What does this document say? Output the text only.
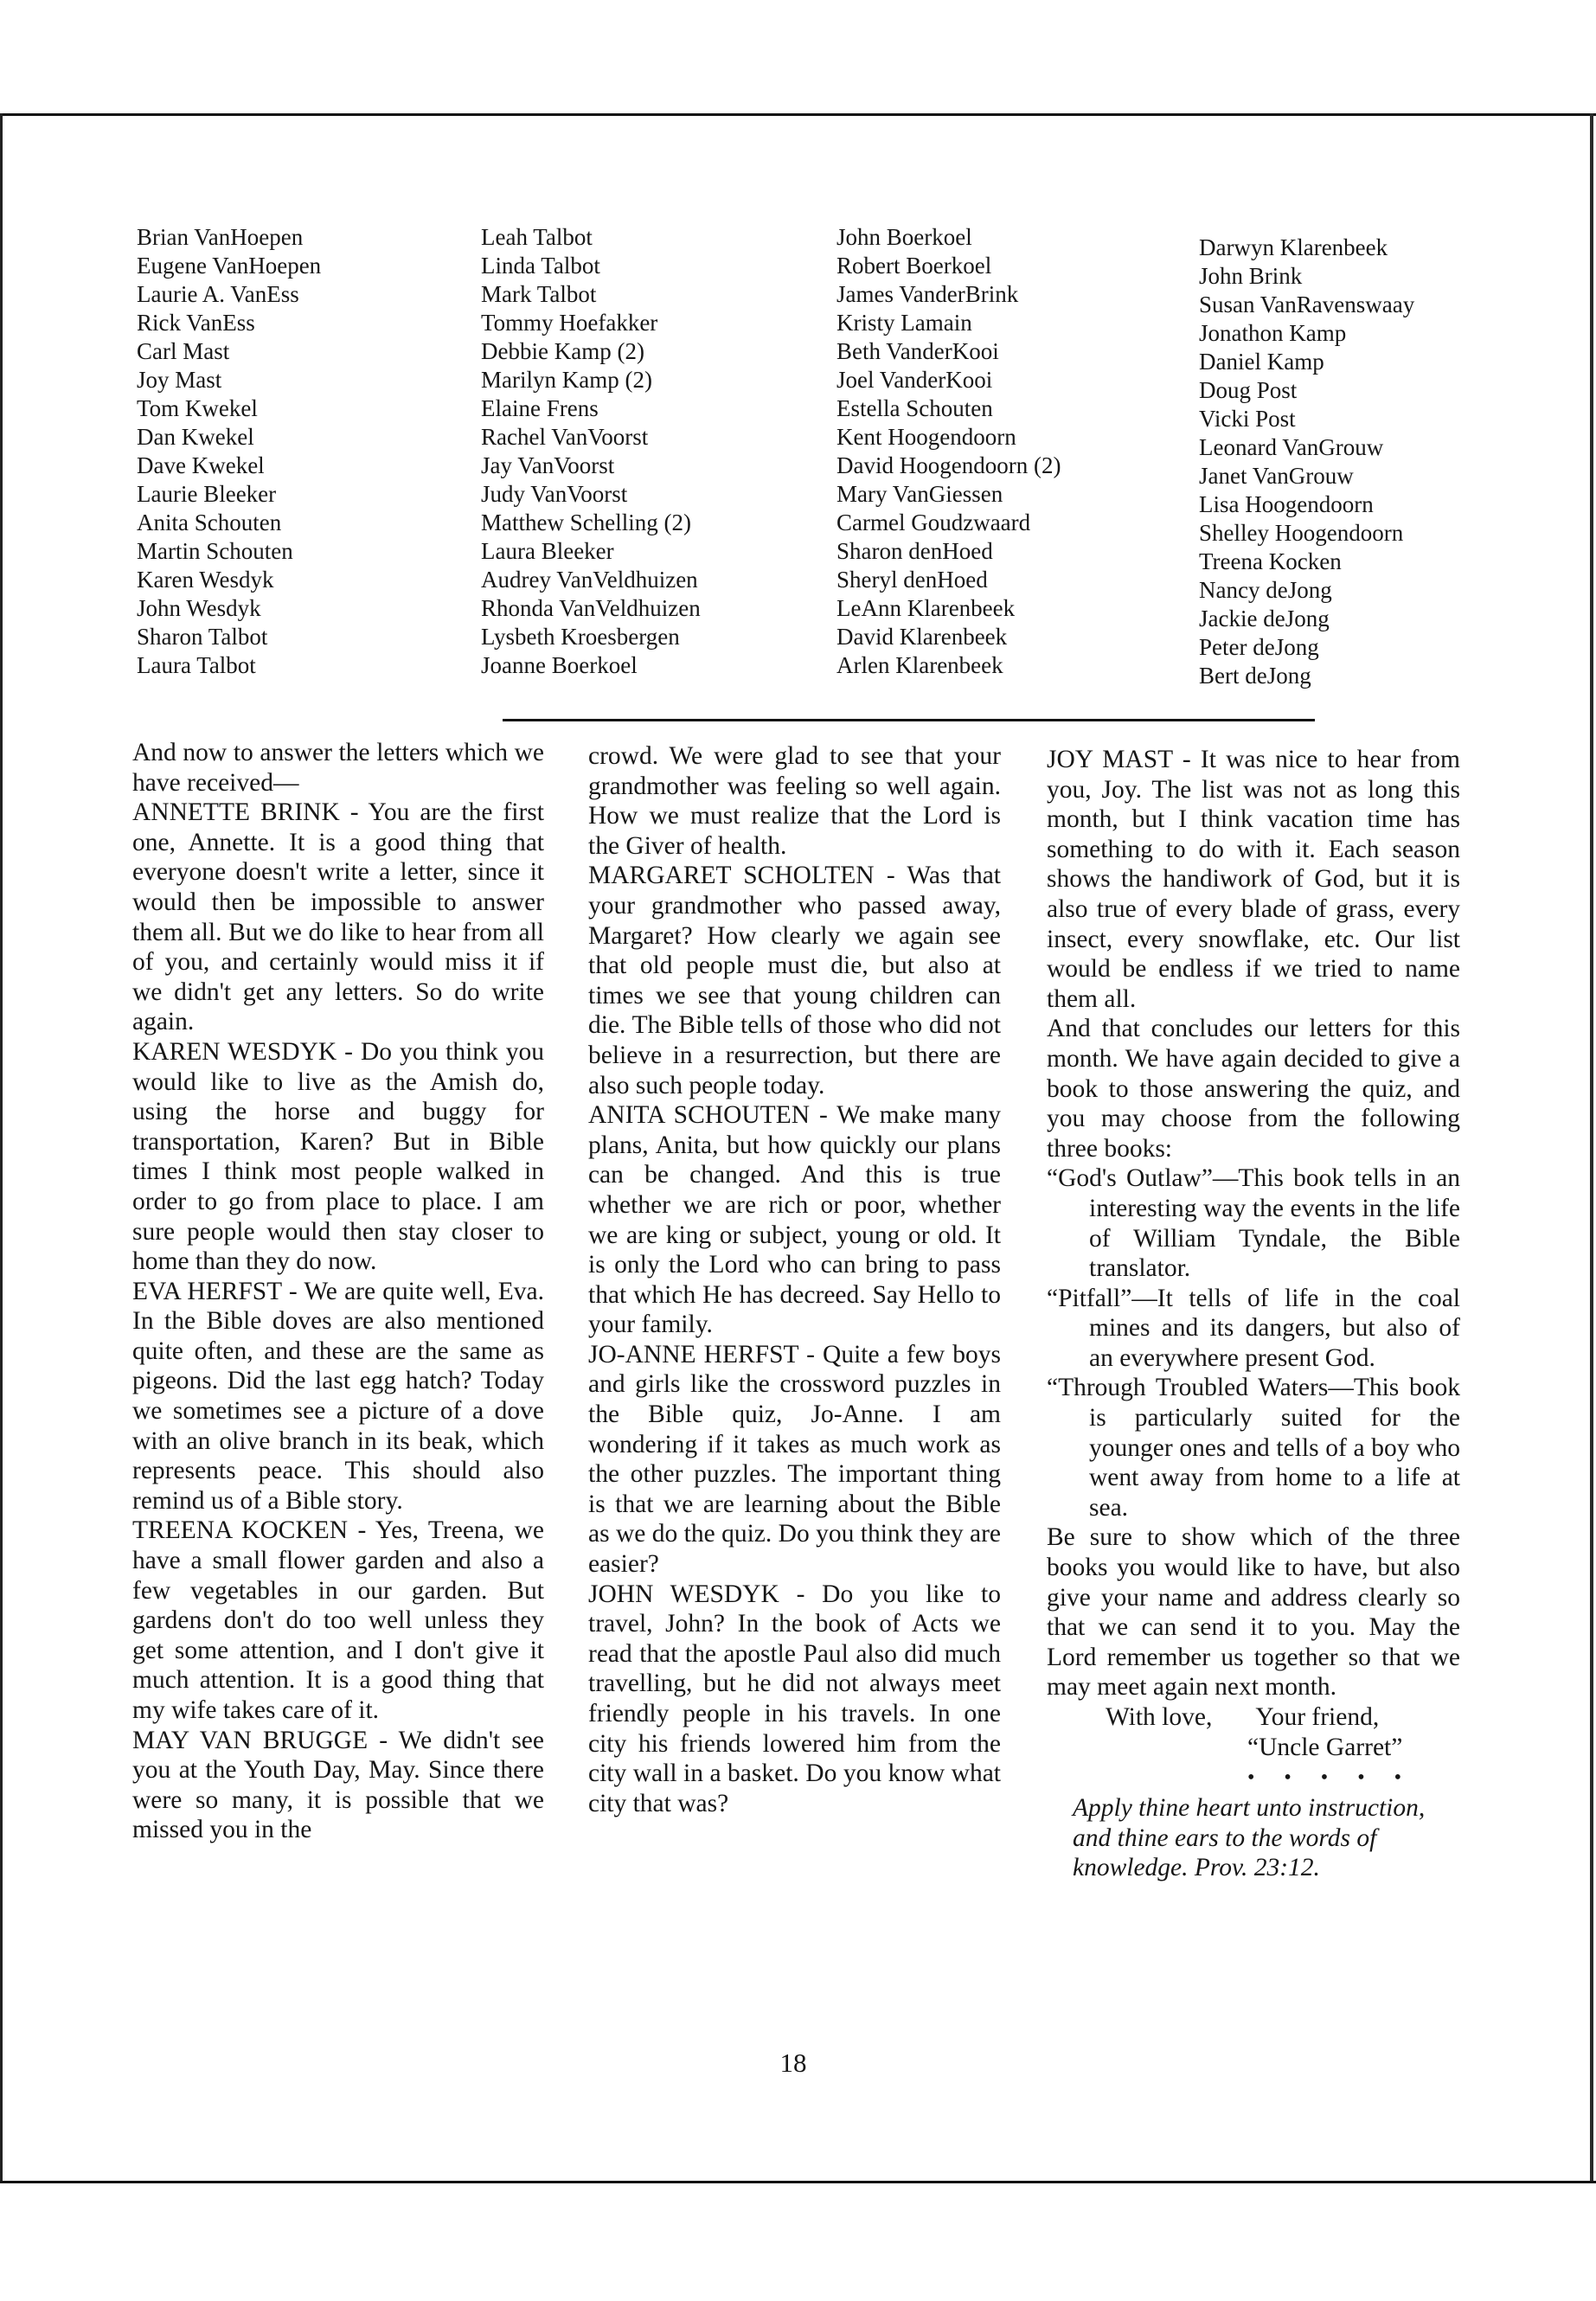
Brian VanHoepen
Eugene VanHoepen
Laurie A. VanEss
Rick VanEss
Carl Mast
Joy Mast
Tom Kwekel
Dan Kwekel
Dave Kwekel
Laurie Bleeker
Anita Schouten
Martin Schouten
Karen Wesdyk
John Wesdyk
Sharon Talbot
Laura Talbot
Leah Talbot
Linda Talbot
Mark Talbot
Tommy Hoefakker
Debbie Kamp (2)
Marilyn Kamp (2)
Elaine Frens
Rachel VanVoorst
Jay VanVoorst
Judy VanVoorst
Matthew Schelling (2)
Laura Bleeker
Audrey VanVeldhuizen
Rhonda VanVeldhuizen
Lysbeth Kroesbergen
Joanne Boerkoel
John Boerkoel
Robert Boerkoel
James VanderBrink
Kristy Lamain
Beth VanderKooi
Joel VanderKooi
Estella Schouten
Kent Hoogendoorn
David Hoogendoorn (2)
Mary VanGiessen
Carmel Goudzwaard
Sharon denHoed
Sheryl denHoed
LeAnn Klarenbeek
David Klarenbeek
Arlen Klarenbeek
Darwyn Klarenbeek
John Brink
Susan VanRavenswaay
Jonathon Kamp
Daniel Kamp
Doug Post
Vicki Post
Leonard VanGrouw
Janet VanGrouw
Lisa Hoogendoorn
Shelley Hoogendoorn
Treena Kocken
Nancy deJong
Jackie deJong
Peter deJong
Bert deJong

And now to answer the letters which we have received—

ANNETTE BRINK - You are the first one, Annette. It is a good thing that everyone doesn't write a letter, since it would then be impossible to answer them all. But we do like to hear from all of you, and certainly would miss it if we didn't get any letters. So do write again.

KAREN WESDYK - Do you think you would like to live as the Amish do, using the horse and buggy for transportation, Karen? But in Bible times I think most people walked in order to go from place to place. I am sure people would then stay closer to home than they do now.

EVA HERFST - We are quite well, Eva. In the Bible doves are also mentioned quite often, and these are the same as pigeons. Did the last egg hatch? Today we sometimes see a picture of a dove with an olive branch in its beak, which represents peace. This should also remind us of a Bible story.

TREENA KOCKEN - Yes, Treena, we have a small flower garden and also a few vegetables in our garden. But gardens don't do too well unless they get some attention, and I don't give it much attention. It is a good thing that my wife takes care of it.

MAY VAN BRUGGE - We didn't see you at the Youth Day, May. Since there were so many, it is possible that we missed you in the

crowd. We were glad to see that your grandmother was feeling so well again. How we must realize that the Lord is the Giver of health.

MARGARET SCHOLTEN - Was that your grandmother who passed away, Margaret? How clearly we again see that old people must die, but also at times we see that young children can die. The Bible tells of those who did not believe in a resurrection, but there are also such people today.

ANITA SCHOUTEN - We make many plans, Anita, but how quickly our plans can be changed. And this is true whether we are rich or poor, whether we are king or subject, young or old. It is only the Lord who can bring to pass that which He has decreed. Say Hello to your family.

JO-ANNE HERFST - Quite a few boys and girls like the crossword puzzles in the Bible quiz, Jo-Anne. I am wondering if it takes as much work as the other puzzles. The important thing is that we are learning about the Bible as we do the quiz. Do you think they are easier?

JOHN WESDYK - Do you like to travel, John? In the book of Acts we read that the apostle Paul also did much travelling, but he did not always meet friendly people in his travels. In one city his friends lowered him from the city wall in a basket. Do you know what city that was?

JOY MAST - It was nice to hear from you, Joy. The list was not as long this month, but I think vacation time has something to do with it. Each season shows the handiwork of God, but it is also true of every blade of grass, every insect, every snowflake, etc. Our list would be endless if we tried to name them all.

And that concludes our letters for this month. We have again decided to give a book to those answering the quiz, and you may choose from the following three books:

“God's Outlaw”—This book tells in an interesting way the events in the life of William Tyndale, the Bible translator.

“Pitfall”—It tells of life in the coal mines and its dangers, but also of an everywhere present God.

“Through Troubled Waters—This book is particularly suited for the younger ones and tells of a boy who went away from home to a life at sea.

Be sure to show which of the three books you would like to have, but also give your name and address clearly so that we can send it to you. May the Lord remember us together so that we may meet again next month.

With love, Your friend,

“Uncle Garret”

• • • • •

Apply thine heart unto instruction, and thine ears to the words of knowledge. Prov. 23:12.

18
